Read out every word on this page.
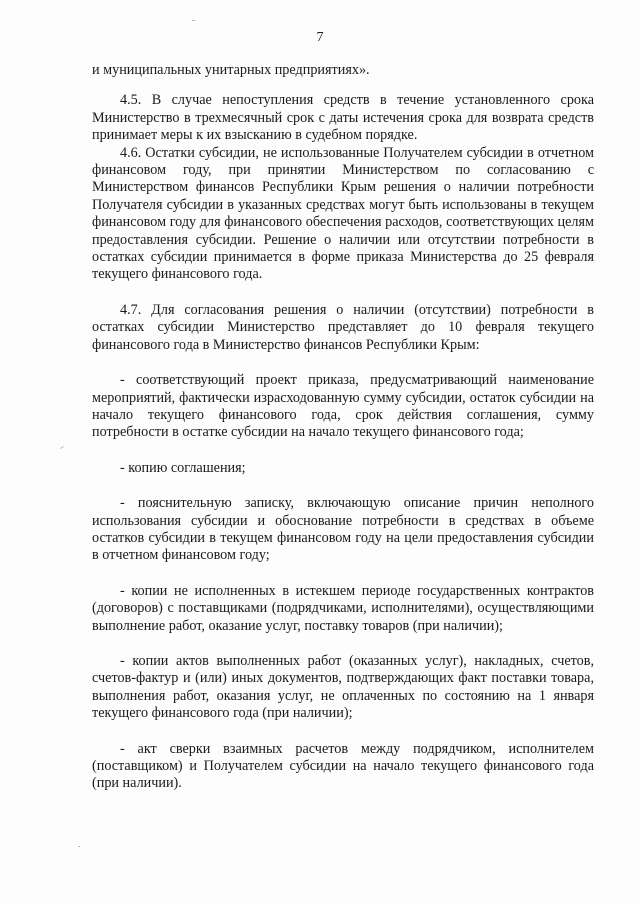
7

и муниципальных унитарных предприятиях».

4.5. В случае непоступления средств в течение установленного срока Министерство в трехмесячный срок с даты истечения срока для возврата средств принимает меры к их взысканию в судебном порядке.

4.6. Остатки субсидии, не использованные Получателем субсидии в отчетном финансовом году, при принятии Министерством по согласованию с Министерством финансов Республики Крым решения о наличии потребности Получателя субсидии в указанных средствах могут быть использованы в текущем финансовом году для финансового обеспечения расходов, соответствующих целям предоставления субсидии. Решение о наличии или отсутствии потребности в остатках субсидии принимается в форме приказа Министерства до 25 февраля текущего финансового года.

4.7. Для согласования решения о наличии (отсутствии) потребности в остатках субсидии Министерство представляет до 10 февраля текущего финансового года в Министерство финансов Республики Крым:

- соответствующий проект приказа, предусматривающий наименование мероприятий, фактически израсходованную сумму субсидии, остаток субсидии на начало текущего финансового года, срок действия соглашения, сумму потребности в остатке субсидии на начало текущего финансового года;

- копию соглашения;

- пояснительную записку, включающую описание причин неполного использования субсидии и обоснование потребности в средствах в объеме остатков субсидии в текущем финансовом году на цели предоставления субсидии в отчетном финансовом году;

- копии не исполненных в истекшем периоде государственных контрактов (договоров) с поставщиками (подрядчиками, исполнителями), осуществляющими выполнение работ, оказание услуг, поставку товаров (при наличии);

- копии актов выполненных работ (оказанных услуг), накладных, счетов, счетов-фактур и (или) иных документов, подтверждающих факт поставки товара, выполнения работ, оказания услуг, не оплаченных по состоянию на 1 января текущего финансового года (при наличии);

- акт сверки взаимных расчетов между подрядчиком, исполнителем (поставщиком) и Получателем субсидии на начало текущего финансового года (при наличии).
